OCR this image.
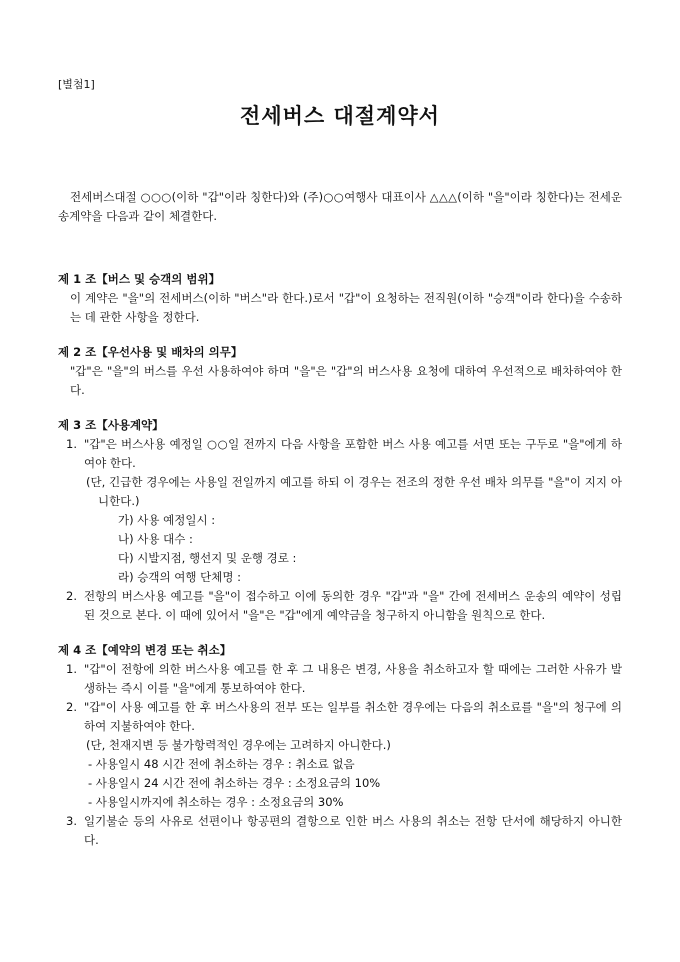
[별첨1]
전세버스 대절계약서

전세버스대절 ○○○(이하 "갑"이라 칭한다)와 (주)○○여행사 대표이사 △△△(이하 "을"이라 칭한다)는 전세운송계약을 다음과 같이 체결한다.

제 1 조【버스 및 승객의 범위】

이 계약은 "을"의 전세버스(이하 "버스"라 한다.)로서 "갑"이 요청하는 전직원(이하 "승객"이라 한다)을 수송하는 데 관한 사항을 정한다.

제 2 조【우선사용 및 배차의 의무】

"갑"은 "을"의 버스를 우선 사용하여야 하며 "을"은 "갑"의 버스사용 요청에 대하여 우선적으로 배차하여야 한다.

제 3 조【사용계약】

1. "갑"은 버스사용 예정일 ○○일 전까지 다음 사항을 포함한 버스 사용 예고를 서면 또는 구두로 "을"에게 하여야 한다.

(단, 긴급한 경우에는 사용일 전일까지 예고를 하되 이 경우는 전조의 정한 우선 배차 의무를 "을"이 지지 아니한다.)

가) 사용 예정일시 :

나) 사용 대수 :

다) 시발지점, 행선지 및 운행 경로 :

라) 승객의 여행 단체명 :

2. 전항의 버스사용 예고를 "을"이 접수하고 이에 동의한 경우 "갑"과 "을" 간에 전세버스 운송의 예약이 성립된 것으로 본다. 이 때에 있어서 "을"은 "갑"에게 예약금을 청구하지 아니함을 원칙으로 한다.

제 4 조【예약의 변경 또는 취소】

1. "갑"이 전항에 의한 버스사용 예고를 한 후 그 내용은 변경, 사용을 취소하고자 할 때에는 그러한 사유가 발생하는 즉시 이를 "을"에게 통보하여야 한다.
2. "갑"이 사용 예고를 한 후 버스사용의 전부 또는 일부를 취소한 경우에는 다음의 취소료를 "을"의 청구에 의하여 지불하여야 한다.

(단, 천재지변 등 불가항력적인 경우에는 고려하지 아니한다.)

- 사용일시 48 시간 전에 취소하는 경우 : 취소료 없음

- 사용일시 24 시간 전에 취소하는 경우 : 소정요금의 10%

- 사용일시까지에 취소하는 경우 : 소정요금의 30%

3. 일기불순 등의 사유로 선편이나 항공편의 결항으로 인한 버스 사용의 취소는 전항 단서에 해당하지 아니한다.
